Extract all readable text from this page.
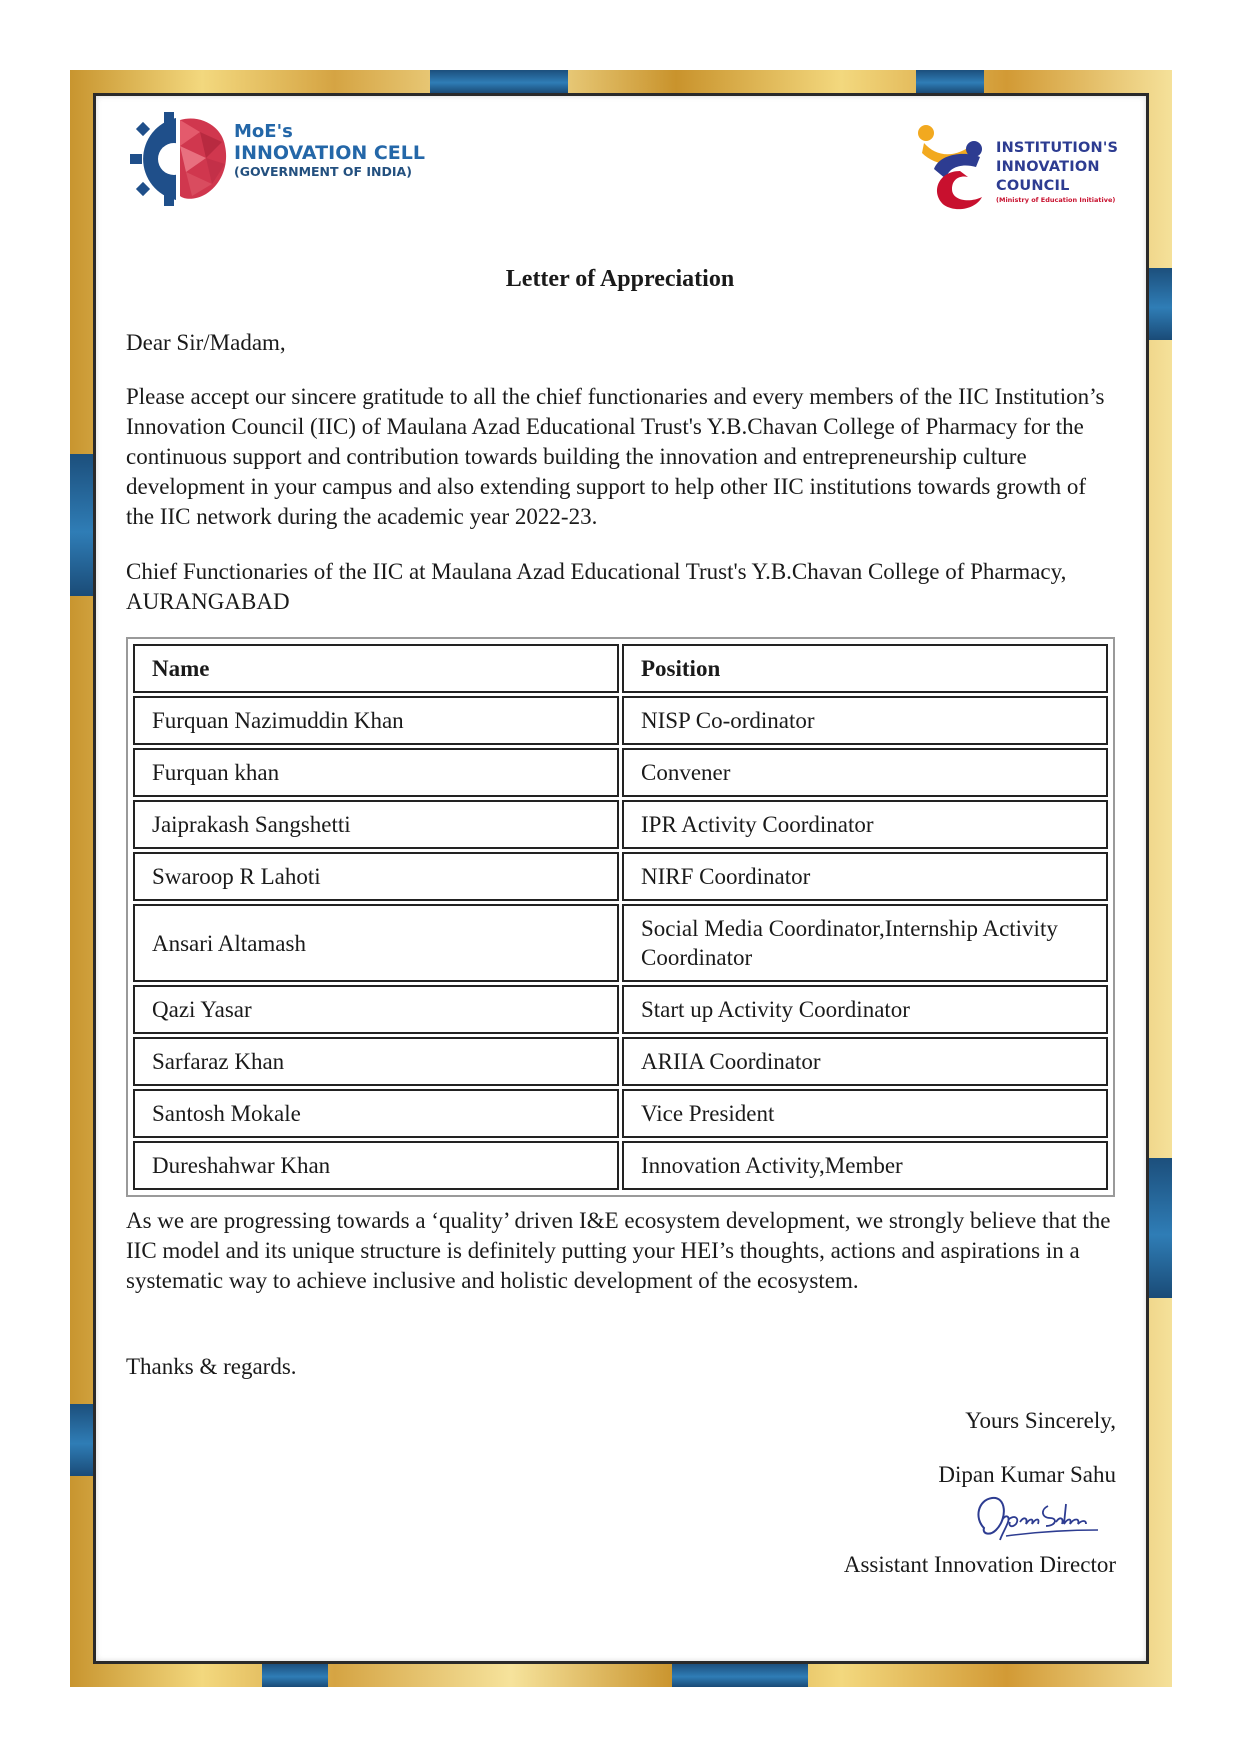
MoE's
INNOVATION CELL
(GOVERNMENT OF INDIA)
INSTITUTION'S
INNOVATION
COUNCIL
(Ministry of Education Initiative)
Letter of Appreciation
Dear Sir/Madam,
Please accept our sincere gratitude to all the chief functionaries and every members of the IIC Institution’s Innovation Council (IIC) of Maulana Azad Educational Trust's Y.B.Chavan College of Pharmacy for the continuous support and contribution towards building the innovation and entrepreneurship culture development in your campus and also extending support to help other IIC institutions towards growth of the IIC network during the academic year 2022-23.
Chief Functionaries of the IIC at Maulana Azad Educational Trust's Y.B.Chavan College of Pharmacy, AURANGABAD
Name	Position
Furquan Nazimuddin Khan	NISP Co-ordinator
Furquan khan	Convener
Jaiprakash Sangshetti	IPR Activity Coordinator
Swaroop R Lahoti	NIRF Coordinator
Ansari Altamash	Social Media Coordinator,Internship Activity Coordinator
Qazi Yasar	Start up Activity Coordinator
Sarfaraz Khan	ARIIA Coordinator
Santosh Mokale	Vice President
Dureshahwar Khan	Innovation Activity,Member
As we are progressing towards a ‘quality’ driven I&E ecosystem development, we strongly believe that the IIC model and its unique structure is definitely putting your HEI’s thoughts, actions and aspirations in a systematic way to achieve inclusive and holistic development of the ecosystem.
Thanks & regards.
Yours Sincerely,
Dipan Kumar Sahu
Assistant Innovation Director
